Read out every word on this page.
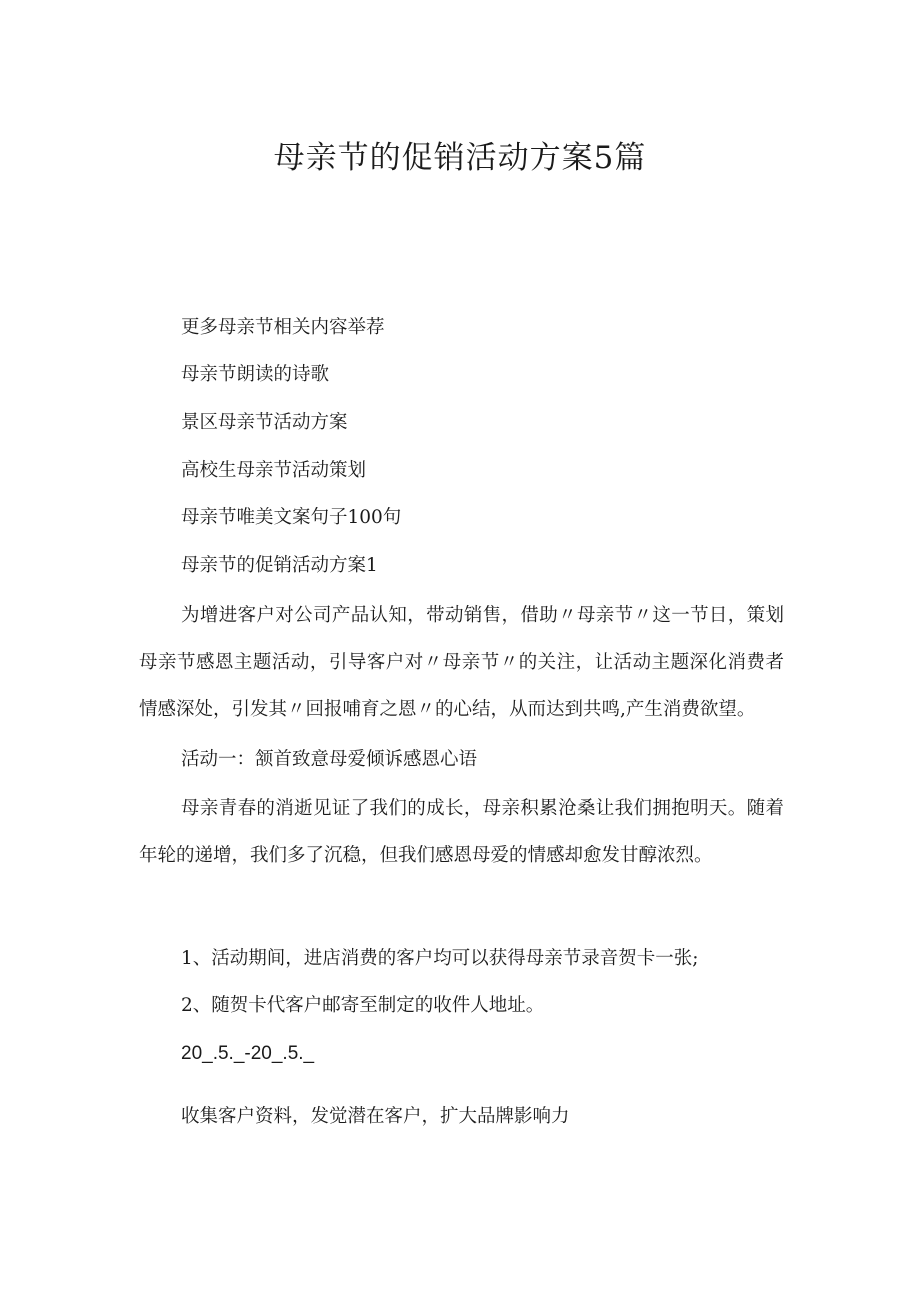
母亲节的促销活动方案5篇
更多母亲节相关内容举荐
母亲节朗读的诗歌
景区母亲节活动方案
高校生母亲节活动策划
母亲节唯美文案句子100句
母亲节的促销活动方案1

为增进客户对公司产品认知，带动销售，借助〃母亲节〃这一节日，策划母亲节感恩主题活动，引导客户对〃母亲节〃的关注，让活动主题深化消费者情感深处，引发其〃回报哺育之恩〃的心结，从而达到共鸣,产生消费欲望。

活动一：颔首致意母爱倾诉感恩心语

母亲青春的消逝见证了我们的成长，母亲积累沧桑让我们拥抱明天。随着年轮的递增，我们多了沉稳，但我们感恩母爱的情感却愈发甘醇浓烈。

1、活动期间，进店消费的客户均可以获得母亲节录音贺卡一张;
2、随贺卡代客户邮寄至制定的收件人地址。
20_.5._-20_.5._
收集客户资料，发觉潜在客户，扩大品牌影响力
